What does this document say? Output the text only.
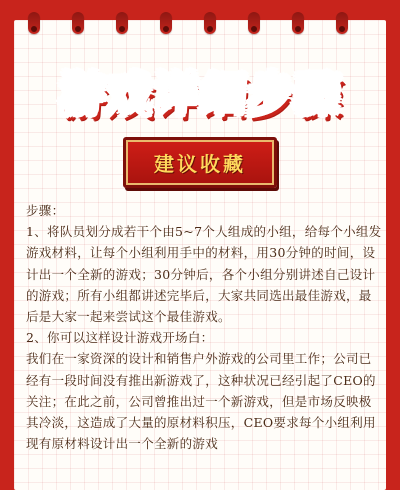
游戏详细步骤
建议收藏

步骤：

1、将队员划分成若干个由5~7个人组成的小组，给每个小组发游戏材料，让每个小组利用手中的材料，用30分钟的时间，设计出一个全新的游戏；30分钟后，各个小组分别讲述自己设计的游戏；所有小组都讲述完毕后，大家共同选出最佳游戏，最后是大家一起来尝试这个最佳游戏。

2、你可以这样设计游戏开场白：

我们在一家资深的设计和销售户外游戏的公司里工作；公司已经有一段时间没有推出新游戏了，这种状况已经引起了CEO的关注；在此之前，公司曾推出过一个新游戏，但是市场反映极其冷淡，这造成了大量的原材料积压，CEO要求每个小组利用现有原材料设计出一个全新的游戏
